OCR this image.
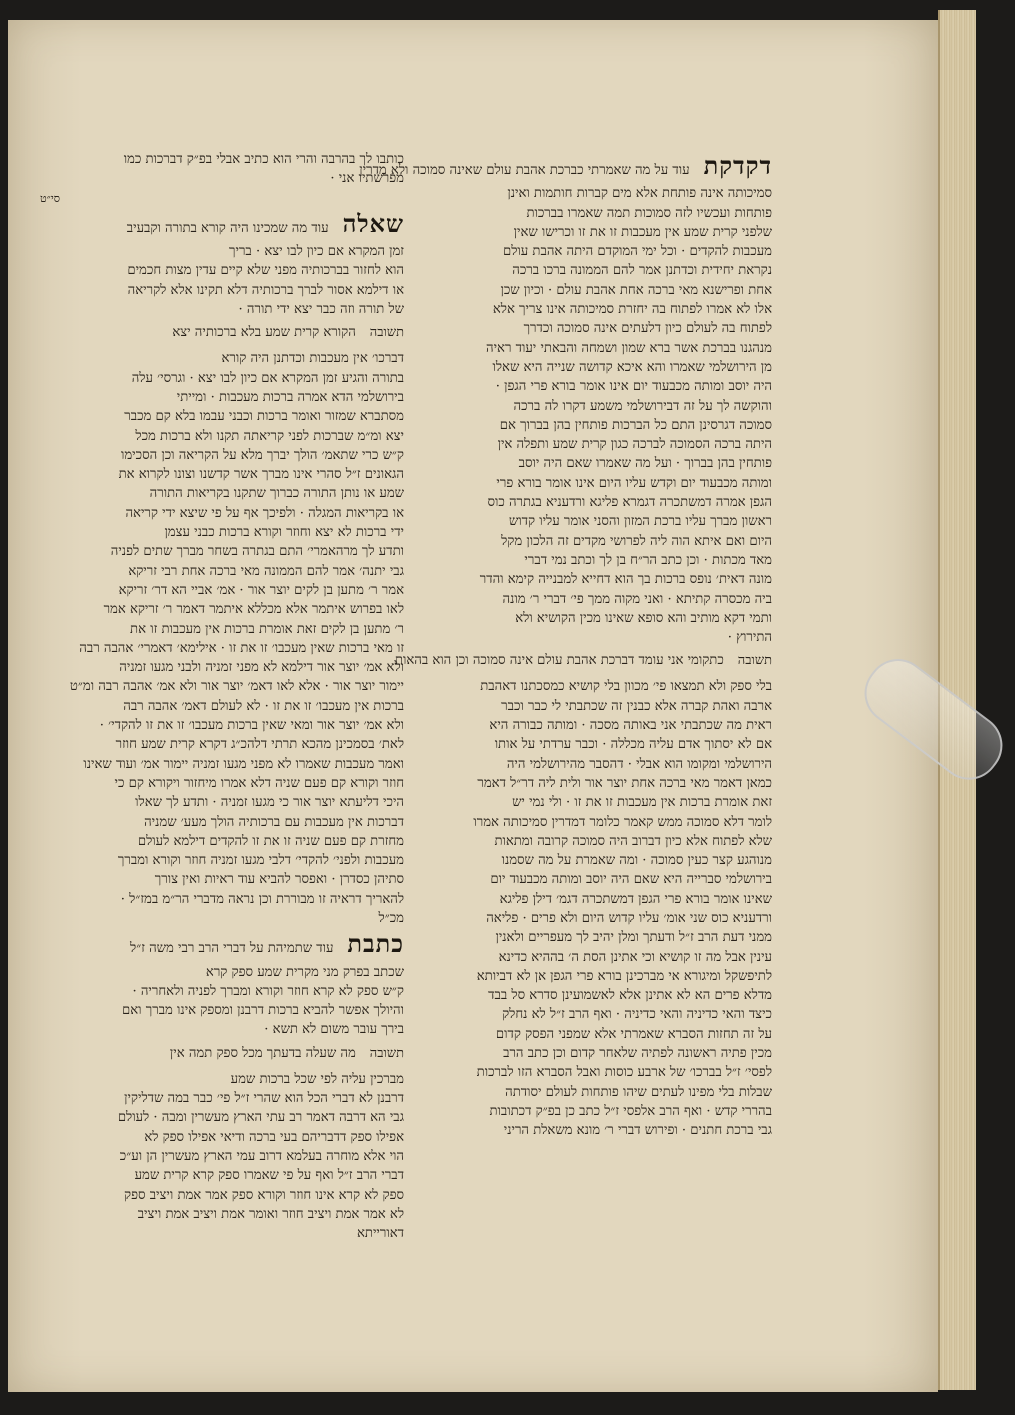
דקדקת
עוד על מה שאמרתי כברכת אהבת עולם שאינה סמוכה ולא מדרין
סמיכותה אינה פותחת אלא מים קברות חותמות ואינן
פותחות ועכשיו לזה סמוכות תמה שאמרו בברכות
שלפני קרית שמע אין מעכבות זו את זו וכרישו שאין
מעכבות להקדים · וכל ימי המוקדם היתה אהבת עולם
נקראת יחידית וכדתנן אמר להם הממונה ברכו ברכה
אחת ופרישנא מאי ברכה אחת אהבת עולם · וכיון שכן
אלו לא אמרו לפתוח בה יחזרת סמיכותה אינו צריך אלא
לפתוח בה לעולם כיון דלעתים אינה סמוכה וכדרך
מנהגנו בברכת אשר ברא שמון ושמחה והבאתי יעוד ראיה
מן הירושלמי שאמרו והא איכא קדושה שנייה היא שאלו
היה יוסב ומותה מכבעוד יום אינו אומר בורא פרי הגפן ·
והוקשה לך על זה דבירושלמי משמע דקרו לה ברכה
סמוכה דגרסינן התם כל הברכות פותחין בהן בברוך אם
היתה ברכה הסמוכה לברכה כגון קרית שמע ותפלה אין
פותחין בהן בברוך · ועל מה שאמרו שאם היה יוסב
ומותה מכבעוד יום וקדש עליו היום אינו אומר בורא פרי
הגפן אמרה דמשתכרה דגמרא פליגא ורדעניא בגתרה כוס
ראשון מברך עליו ברכת המזון והסני אומר עליו קדוש
היום ואם איתא הוה ליה לפרושי מקדים זה הלכון מקל
מאד מכתות · וכן כתב הר״ח בן לך וכתב נמי דברי
מונה דאית׳ נופס ברכות בך הוא דחייא למבנייה קימא והדר
ביה מכסרה קתיתא · ואני מקוה ממך פי׳ דברי ר׳ מונה
ותמי דקא מותיב והא סופא שאינו מכין הקושיא ולא
התירוץ ·
תשובה
כתקומי אני עומד דברכת אהבת עולם אינה סמוכה וכן הוא בהאות
בלי ספק ולא תמצאו פי׳ מכוון בלי קושיא כמסכתנו דאהבת
ארבה ואהת קברה אלא כבנין זה שכתבתי לי כבר וכבר
ראית מה שכתבתי אני באותה מסכה · ומותה כבורה היא
אם לא יסתוך אדם עליה מכללה · וכבר ערדתי על אותו
הירושלמי ומקומו הוא אבלי · דהסבר מהירושלמי היה
כמאן דאמר מאי ברכה אחת יוצר אור ולית ליה דר״ל דאמר
זאת אומרת ברכות אין מעכבות זו את זו · ולי נמי יש
לומר דלא סמוכה ממש קאמר כלומר דמדרין סמיכותה אמרו
שלא לפתוח אלא כיון דברוב היה סמוכה קרובה ומתאות
מנוהגע קצר כעין סמוכה · ומה שאמרת על מה שסמנו
בירושלמי סברייה היא שאם היה יוסב ומותה מכבעוד יום
שאינו אומר בורא פרי הגפן דמשתכרה דגמ׳ דילן פליגא
ורדעניא כוס שני אומ׳ עליו קדוש היום ולא פרים · פליאה
ממני דעת הרב ז״ל ודעתך ומלן יהיב לך מעפריים ולאנין
עינין אבל מה זו קושיא וכי אתינן הסת ה׳ בההיא כדינא
לתיפשקל ומיגורא אי מברכינן בורא פרי הגפן אן לא דביותא
מדלא פרים הא לא אתינן אלא לאשמועינן סדרא סל בבד
כיצד והאי כדיניה והאי כדיניה · ואף הרב ז״ל לא נחלק
על זה תחזות הסברא שאמרתי אלא שמפני הפסק קדום
מכין פתיה ראשונה לפתיה שלאחר קדום וכן כתב הרב
לפסי׳ ז״ל בברכו׳ של ארבע כוסות ואבל הסברא הזו לברכות
שבלות בלי מפינו לעתים שיהו פותחות לעולם יסודתה
בהררי קדש · ואף הרב אלפסי ז״ל כתב כן בפ״ק דכתובות
גבי ברכת חתנים · ופירוש דברי ר׳ מונא משאלת הריני
כותבו לך בהרבה והרי הוא כתיב אבלי בפ״ק דברכות כמו
מפרשתיו אני ·
סי״ט
שאלה
עוד מה שמכינו היה קורא בתורה וקבעיב
זמן המקרא אם כיון לבו יצא · בריך
הוא לחזור בברכותיה מפני שלא קיים עדין מצות חכמים
או דילמא אסור לברך ברכותיה דלא תקינו אלא לקריאה
של תורה וזה כבר יצא ידי תורה ·
תשובה
הקורא קרית שמע בלא ברכותיה יצא
דברכו׳ אין מעכבות וכדתנן היה קורא
בתורה והגיע זמן המקרא אם כיון לבו יצא · וגרסי׳ עלה
בירושלמי הדא אמרה ברכות מעכבות · ומייתי
מסתברא שמזור ואומר ברכות וכבני עבמו בלא קם מכבר
יצא ומ״מ שברכות לפני קריאתה תקנו ולא ברכות מכל
ק״ש כרי שתאמ׳ הולך יברך מלא על הקריאה וכן הסכימו
הגאונים ז״ל סהרי אינו מברך אשר קדשנו וצונו לקרוא את
שמע או נותן התורה כברוך שתקנו בקריאות התורה
או בקריאות המגלה · ולפיכך אף על פי שיצא ידי קריאה
ידי ברכות לא יצא וחוזר וקורא ברכות כבני עצמן
ותדע לך מרהאמרי׳ התם בגתרה בשחר מברך שתים לפניה
גבי יתנה׳ אמר להם הממונה מאי ברכה אחת רבי זריקא
אמר ר׳ מתען בן לקים יוצר אור · אמ׳ אביי הא דר׳ זריקא
לאו בפרוש איתמר אלא מכללא איתמר דאמר ר׳ זריקא אמר
ר׳ מתען בן לקים זאת אומרת ברכות אין מעכבות זו את
זו מאי ברכות שאין מעכבו׳ זו את זו · אילימא׳ דאמרי׳ אהבה רבה
ולא אמ׳ יוצר אור דילמא לא מפני זמניה ולבני מגעו זמניה
יימור יוצר אור · אלא לאו דאמ׳ יוצר אור ולא אמ׳ אהבה רבה ומ״ט
ברכות אין מעכבו׳ זו את זו · לא לעולם דאמ׳ אהבה רבה
ולא אמ׳ יוצר אור ומאי שאין ברכות מעכבו׳ זו את זו להקדי׳ ·
לאת׳ בסמכינן מהכא תרתי דלהכ״ג דקרא קרית שמע חוזר
ואמר מעכבות שאמרו לא מפני מגעו זמניה יימור אמ׳ ועוד שאינו
חוזר וקורא קם פעם שניה דלא אמרו מיחזור ויקורא קם כי
היכי דליעתא יוצר אור כי מגעו זמניה · ותדע לך שאלו
דברכות אין מעכבות עם ברכותיה הולך מעע׳ שמניה
מחזרת קם פעם שניה זו את זו להקדים דילמא לעולם
מעכבות ולפני׳ להקדי׳ דלבי מגעו זמניה חוזר וקורא ומברך
סתיהן כסדרן · ואפסר להביא עוד ראיות ואין צורך
להאריך דראיה זו מבוררת וכן נראה מדברי הר״מ במז״ל ·
מכ״ל
כתבת
עוד שתמיהת על דברי הרב רבי משה ז״ל
שכתב בפרק מני מקרית שמע ספק קרא
ק״ש ספק לא קרא חוזר וקורא ומברך לפניה ולאחריה ·
והיולך אפשר להביא ברכות דרבנן ומספק אינו מברך ואם
בירך עובר משום לא תשא ·
תשובה
מה שעלה בדעתך מכל ספק תמה אין
מברכין עליה לפי שכל ברכות שמע
דרבנן לא דברי הכל הוא שהרי ז״ל פי׳ כבר במה שדליקין
גבי הא דרבה דאמר רב עתי הארץ מעשרין ומבה · לעולם
אפילו ספק דדבריהם בעי ברכה ודיאי אפילו ספק לא
הוי אלא מוחרה בעלמא דרוב עמי הארץ מעשרין הן וע״כ
דברי הרב ז״ל ואף על פי שאמרו ספק קרא קרית שמע
ספק לא קרא אינו חוזר וקורא ספק אמר אמת ויציב ספק
לא אמר אמת ויציב חוזר ואומר אמת ויציב אמת ויציב
דאורייתא
